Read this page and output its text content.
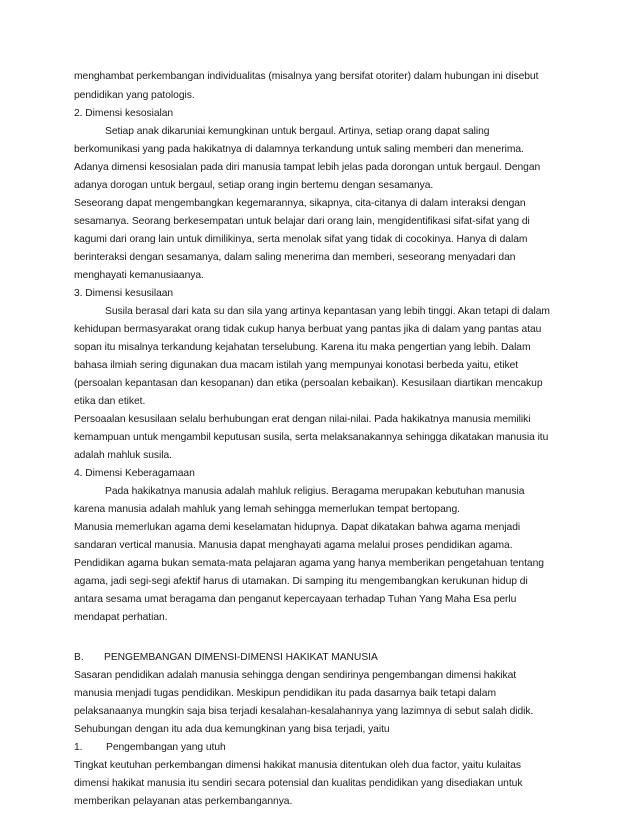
menghambat perkembangan individualitas (misalnya yang bersifat otoriter) dalam hubungan ini disebut
pendidikan yang patologis.
2. Dimensi kesosialan
Setiap anak dikaruniai kemungkinan untuk bergaul. Artinya, setiap orang dapat saling
berkomunikasi yang pada hakikatnya di dalamnya terkandung untuk saling memberi dan menerima.
Adanya dimensi kesosialan pada diri manusia tampat lebih jelas pada dorongan untuk bergaul. Dengan
adanya dorogan untuk bergaul, setiap orang ingin bertemu dengan sesamanya.
Seseorang dapat mengembangkan kegemarannya, sikapnya, cita-citanya di dalam interaksi dengan
sesamanya. Seorang berkesempatan untuk belajar dari orang lain, mengidentifikasi sifat-sifat yang di
kagumi dari orang lain untuk dimilikinya, serta menolak sifat yang tidak di cocokinya. Hanya di dalam
berinteraksi dengan sesamanya, dalam saling menerima dan memberi, seseorang menyadari dan
menghayati kemanusiaanya.
3. Dimensi kesusilaan
Susila berasal dari kata su dan sila yang artinya kepantasan yang lebih tinggi. Akan tetapi di dalam
kehidupan bermasyarakat orang tidak cukup hanya berbuat yang pantas jika di dalam yang pantas atau
sopan itu misalnya terkandung kejahatan terselubung. Karena itu maka pengertian yang lebih. Dalam
bahasa ilmiah sering digunakan dua macam istilah yang mempunyai konotasi berbeda yaitu, etiket
(persoalan kepantasan dan kesopanan) dan etika (persoalan kebaikan). Kesusilaan diartikan mencakup
etika dan etiket.
Persoaalan kesusilaan selalu berhubungan erat dengan nilai-nilai. Pada hakikatnya manusia memiliki
kemampuan untuk mengambil keputusan susila, serta melaksanakannya sehingga dikatakan manusia itu
adalah mahluk susila.
4. Dimensi Keberagamaan
Pada hakikatnya manusia adalah mahluk religius. Beragama merupakan kebutuhan manusia
karena manusia adalah mahluk yang lemah sehingga memerlukan tempat bertopang.
Manusia memerlukan agama demi keselamatan hidupnya. Dapat dikatakan bahwa agama menjadi
sandaran vertical manusia. Manusia dapat menghayati agama melalui proses pendidikan agama.
Pendidikan agama bukan semata-mata pelajaran agama yang hanya memberikan pengetahuan tentang
agama, jadi segi-segi afektif harus di utamakan. Di samping itu mengembangkan kerukunan hidup di
antara sesama umat beragama dan penganut kepercayaan terhadap Tuhan Yang Maha Esa perlu
mendapat perhatian.
B. PENGEMBANGAN DIMENSI-DIMENSI HAKIKAT MANUSIA
Sasaran pendidikan adalah manusia sehingga dengan sendirinya pengembangan dimensi hakikat
manusia menjadi tugas pendidikan. Meskipun pendidikan itu pada dasarnya baik tetapi dalam
pelaksanaanya mungkin saja bisa terjadi kesalahan-kesalahannya yang lazimnya di sebut salah didik.
Sehubungan dengan itu ada dua kemungkinan yang bisa terjadi, yaitu
1. Pengembangan yang utuh
Tingkat keutuhan perkembangan dimensi hakikat manusia ditentukan oleh dua factor, yaitu kulaitas
dimensi hakikat manusia itu sendiri secara potensial dan kualitas pendidikan yang disediakan untuk
memberikan pelayanan atas perkembangannya.
